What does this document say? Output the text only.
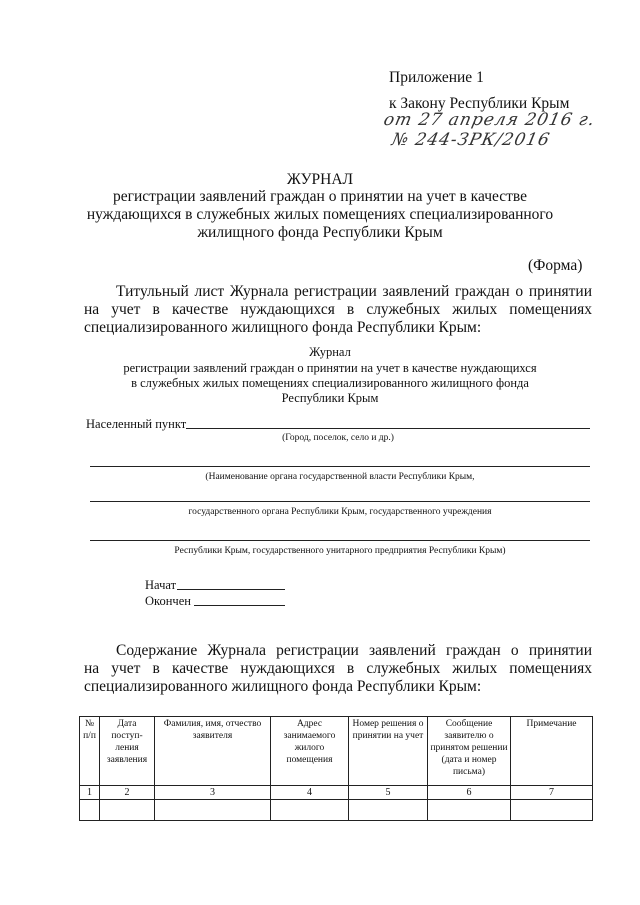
Приложение 1
к Закону Республики Крым
от 27 апреля 2016 г.
№ 244-ЗРК/2016
ЖУРНАЛ
регистрации заявлений граждан о принятии на учет в качестве
нуждающихся в служебных жилых помещениях специализированного
жилищного фонда Республики Крым
(Форма)
Титульный лист Журнала регистрации заявлений граждан о принятии
на учет в качестве нуждающихся в служебных жилых помещениях
специализированного жилищного фонда Республики Крым:
Журнал
регистрации заявлений граждан о принятии на учет в качестве нуждающихся
в служебных жилых помещениях специализированного жилищного фонда
Республики Крым
Населенный пункт
(Город, поселок, село и др.)
(Наименование органа государственной власти Республики Крым,
государственного органа Республики Крым, государственного учреждения
Республики Крым, государственного унитарного предприятия Республики Крым)
Начат
Окончен
Содержание Журнала регистрации заявлений граждан о принятии
на учет в качестве нуждающихся в служебных жилых помещениях
специализированного жилищного фонда Республики Крым:
№ п/п	Дата поступ- ления заявления	Фамилия, имя, отчество заявителя	Адрес занимаемого жилого помещения	Номер решения о принятии на учет	Сообщение заявителю о принятом решении (дата и номер письма)	Примечание
1	2	3	4	5	6	7
